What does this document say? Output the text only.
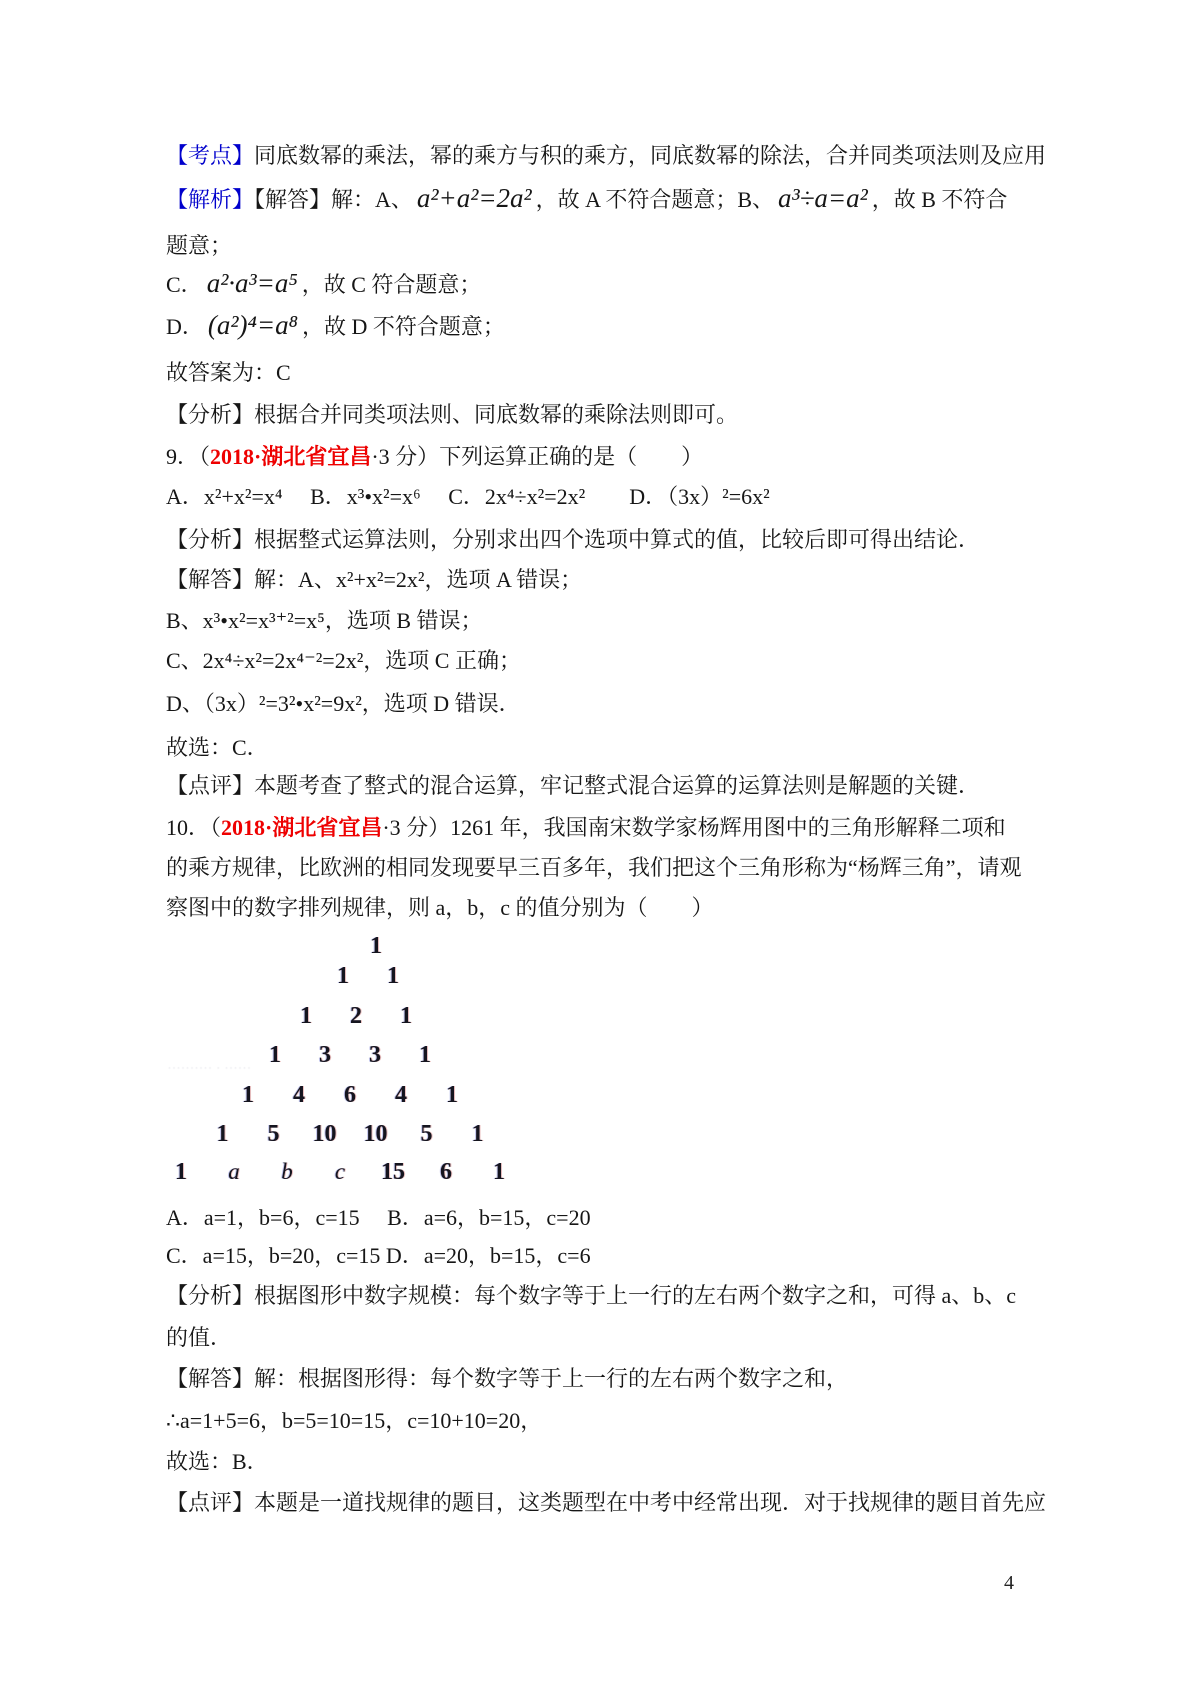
【考点】同底数幂的乘法，幂的乘方与积的乘方，同底数幂的除法，合并同类项法则及应用
【解析】【解答】解：A、 a²+a²=2a² ，故 A 不符合题意；B、 a³÷a=a² ，故 B 不符合
题意；
C． a²·a³=a⁵ ，故 C 符合题意；
D． (a²)⁴=a⁸ ，故 D 不符合题意；
故答案为：C
【分析】根据合并同类项法则、同底数幂的乘除法则即可。
9．（2018·湖北省宜昌·3 分）下列运算正确的是（　　）
A．x²+x²=x⁴　 B．x³•x²=x⁶　 C．2x⁴÷x²=2x²　　D．（3x）²=6x²
【分析】根据整式运算法则，分别求出四个选项中算式的值，比较后即可得出结论．
【解答】解：A、x²+x²=2x²，选项 A 错误；
B、x³•x²=x³⁺²=x⁵，选项 B 错误；
C、2x⁴÷x²=2x⁴⁻²=2x²，选项 C 正确；
D、（3x）²=3²•x²=9x²，选项 D 错误．
故选：C．
【点评】本题考查了整式的混合运算，牢记整式混合运算的运算法则是解题的关键．
10．（2018·湖北省宜昌·3 分）1261 年，我国南宋数学家杨辉用图中的三角形解释二项和
的乘方规律，比欧洲的相同发现要早三百多年，我们把这个三角形称为“杨辉三角”，请观
察图中的数字排列规律，则 a，b，c 的值分别为（　　）
1
1 1
1 2 1
1 3 3 1
1 4 6 4 1
1 5 10 10 5 1
1 a b c 15 6 1
·········· · ······
A．a=1，b=6，c=15　 B．a=6，b=15，c=20
C．a=15，b=20，c=15 D．a=20，b=15，c=6
【分析】根据图形中数字规模：每个数字等于上一行的左右两个数字之和，可得 a、b、c
的值．
【解答】解：根据图形得：每个数字等于上一行的左右两个数字之和，
∴a=1+5=6，b=5=10=15，c=10+10=20，
故选：B．
【点评】本题是一道找规律的题目，这类题型在中考中经常出现．对于找规律的题目首先应
4
